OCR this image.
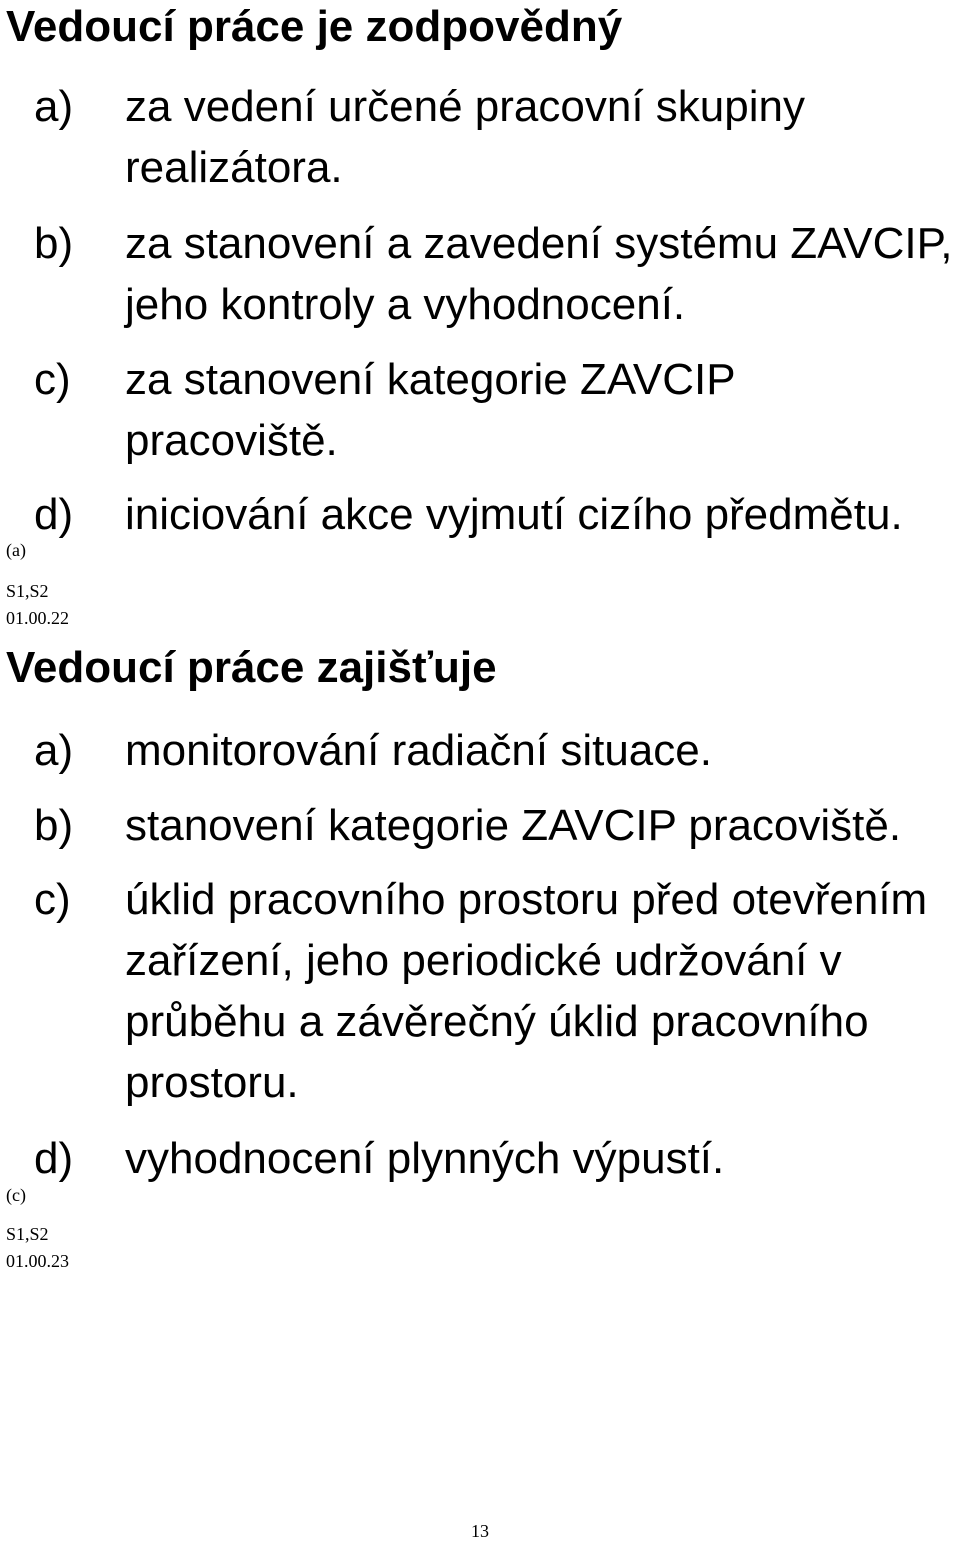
Vedoucí práce je zodpovědný
a) za vedení určené pracovní skupiny realizátora.
b) za stanovení a zavedení systému ZAVCIP, jeho kontroly a vyhodnocení.
c) za stanovení kategorie ZAVCIP pracoviště.
d) iniciování akce vyjmutí cizího předmětu.
(a)
S1,S2
01.00.22
Vedoucí práce zajišťuje
a) monitorování radiační situace.
b) stanovení kategorie ZAVCIP pracoviště.
c) úklid pracovního prostoru před otevřením zařízení, jeho periodické udržování v průběhu a závěrečný úklid pracovního prostoru.
d) vyhodnocení plynných výpustí.
(c)
S1,S2
01.00.23
13
